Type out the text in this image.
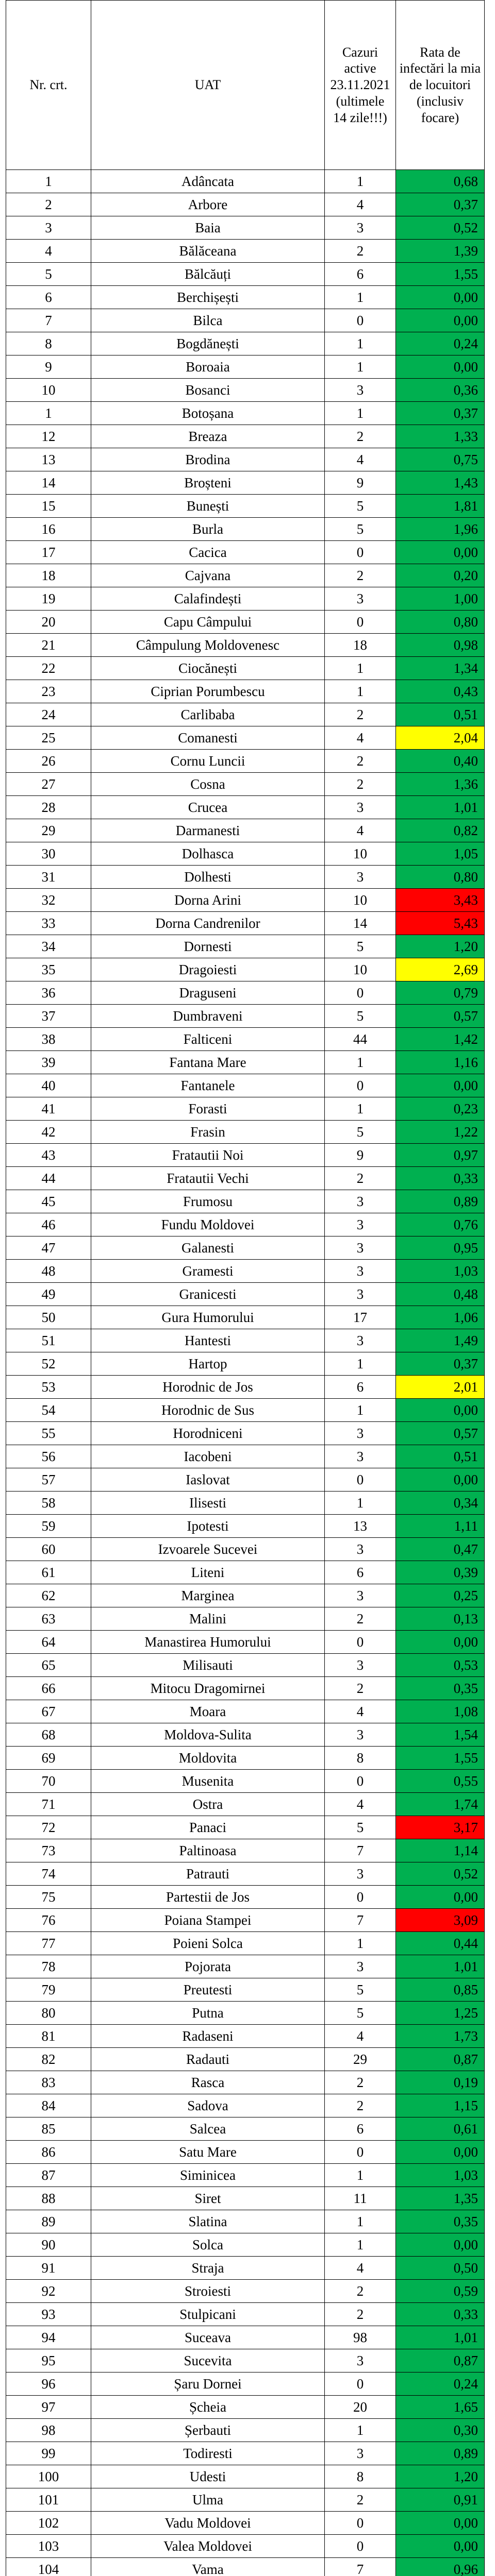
Nr. crt.	UAT	Cazuri active 23.11.2021 (ultimele 14 zile!!!)	Rata de infectări la mia de locuitori (inclusiv focare)
1	Adâncata	1	0,68
2	Arbore	4	0,37
3	Baia	3	0,52
4	Bălăceana	2	1,39
5	Bălcăuți	6	1,55
6	Berchișești	1	0,00
7	Bilca	0	0,00
8	Bogdănești	1	0,24
9	Boroaia	1	0,00
10	Bosanci	3	0,36
1	Botoșana	1	0,37
12	Breaza	2	1,33
13	Brodina	4	0,75
14	Broșteni	9	1,43
15	Bunești	5	1,81
16	Burla	5	1,96
17	Cacica	0	0,00
18	Cajvana	2	0,20
19	Calafindești	3	1,00
20	Capu Câmpului	0	0,80
21	Câmpulung Moldovenesc	18	0,98
22	Ciocănești	1	1,34
23	Ciprian Porumbescu	1	0,43
24	Carlibaba	2	0,51
25	Comanesti	4	2,04
26	Cornu Luncii	2	0,40
27	Cosna	2	1,36
28	Crucea	3	1,01
29	Darmanesti	4	0,82
30	Dolhasca	10	1,05
31	Dolhesti	3	0,80
32	Dorna Arini	10	3,43
33	Dorna Candrenilor	14	5,43
34	Dornesti	5	1,20
35	Dragoiesti	10	2,69
36	Draguseni	0	0,79
37	Dumbraveni	5	0,57
38	Falticeni	44	1,42
39	Fantana Mare	1	1,16
40	Fantanele	0	0,00
41	Forasti	1	0,23
42	Frasin	5	1,22
43	Fratautii Noi	9	0,97
44	Fratautii Vechi	2	0,33
45	Frumosu	3	0,89
46	Fundu Moldovei	3	0,76
47	Galanesti	3	0,95
48	Gramesti	3	1,03
49	Granicesti	3	0,48
50	Gura Humorului	17	1,06
51	Hantesti	3	1,49
52	Hartop	1	0,37
53	Horodnic de Jos	6	2,01
54	Horodnic de Sus	1	0,00
55	Horodniceni	3	0,57
56	Iacobeni	3	0,51
57	Iaslovat	0	0,00
58	Ilisesti	1	0,34
59	Ipotesti	13	1,11
60	Izvoarele Sucevei	3	0,47
61	Liteni	6	0,39
62	Marginea	3	0,25
63	Malini	2	0,13
64	Manastirea Humorului	0	0,00
65	Milisauti	3	0,53
66	Mitocu Dragomirnei	2	0,35
67	Moara	4	1,08
68	Moldova-Sulita	3	1,54
69	Moldovita	8	1,55
70	Musenita	0	0,55
71	Ostra	4	1,74
72	Panaci	5	3,17
73	Paltinoasa	7	1,14
74	Patrauti	3	0,52
75	Partestii de Jos	0	0,00
76	Poiana Stampei	7	3,09
77	Poieni Solca	1	0,44
78	Pojorata	3	1,01
79	Preutesti	5	0,85
80	Putna	5	1,25
81	Radaseni	4	1,73
82	Radauti	29	0,87
83	Rasca	2	0,19
84	Sadova	2	1,15
85	Salcea	6	0,61
86	Satu Mare	0	0,00
87	Siminicea	1	1,03
88	Siret	11	1,35
89	Slatina	1	0,35
90	Solca	1	0,00
91	Straja	4	0,50
92	Stroiesti	2	0,59
93	Stulpicani	2	0,33
94	Suceava	98	1,01
95	Sucevita	3	0,87
96	Șaru Dornei	0	0,24
97	Șcheia	20	1,65
98	Șerbauti	1	0,30
99	Todiresti	3	0,89
100	Udesti	8	1,20
101	Ulma	2	0,91
102	Vadu Moldovei	0	0,00
103	Valea Moldovei	0	0,00
104	Vama	7	0,96
